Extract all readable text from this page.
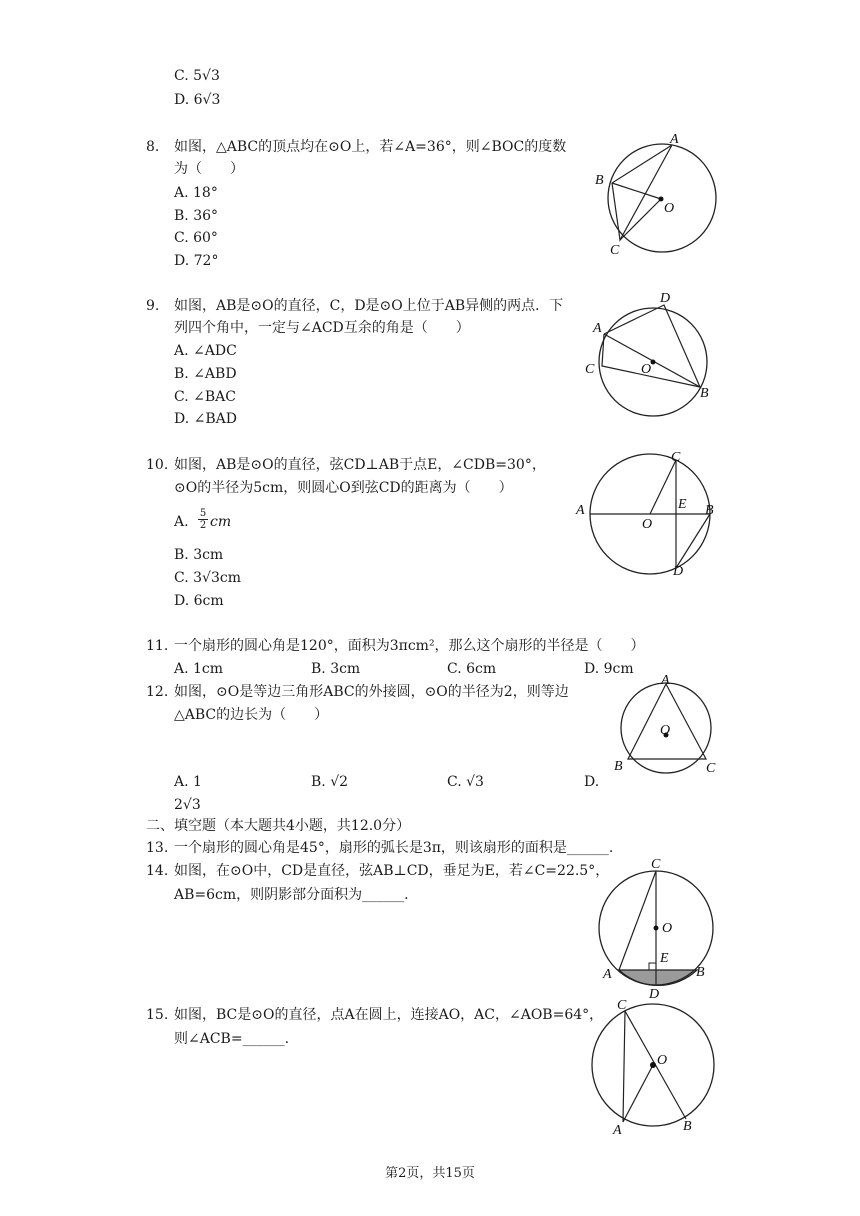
C. 5√3
D. 6√3
8. 如图，△ABC的顶点均在⊙O上，若∠A=36°，则∠BOC的度数
为（　　）
A. 18°
B. 36°
C. 60°
D. 72°
A
B
O
C
9. 如图，AB是⊙O的直径，C，D是⊙O上位于AB异侧的两点．下
列四个角中，一定与∠ACD互余的角是（　　）
A. ∠ADC
B. ∠ABD
C. ∠BAC
D. ∠BAD
D
A
C	O
B
10. 如图，AB是⊙O的直径，弦CD⊥AB于点E，∠CDB=30°，
⊙O的半径为5cm，则圆心O到弦CD的距离为（　　）
A. $\frac{5}{2}$ cm
B. 3cm
C. 3√3cm
D. 6cm
C
A
O
E B
D
11. 一个扇形的圆心角是120°，面积为3πcm²，那么这个扇形的半径是（　　）
A. 1cm	B. 3cm	C. 6cm	D. 9cm
12. 如图，⊙O是等边三角形ABC的外接圆，⊙O的半径为2，则等边
△ABC的边长为（　　）
A. 1	B. √2	C. √3	D.
2√3
A
O
B	C
二、填空题（本大题共4小题，共12.0分）
13. 一个扇形的圆心角是45°，扇形的弧长是3π，则该扇形的面积是______.
14. 如图，在⊙O中，CD是直径，弦AB⊥CD，垂足为E，若∠C=22.5°，
AB=6cm，则阴影部分面积为______.
C
O
E
A	B
D
15. 如图，BC是⊙O的直径，点A在圆上，连接AO，AC，∠AOB=64°，
则∠ACB=______.
C
O
A	B
第2页，共15页
